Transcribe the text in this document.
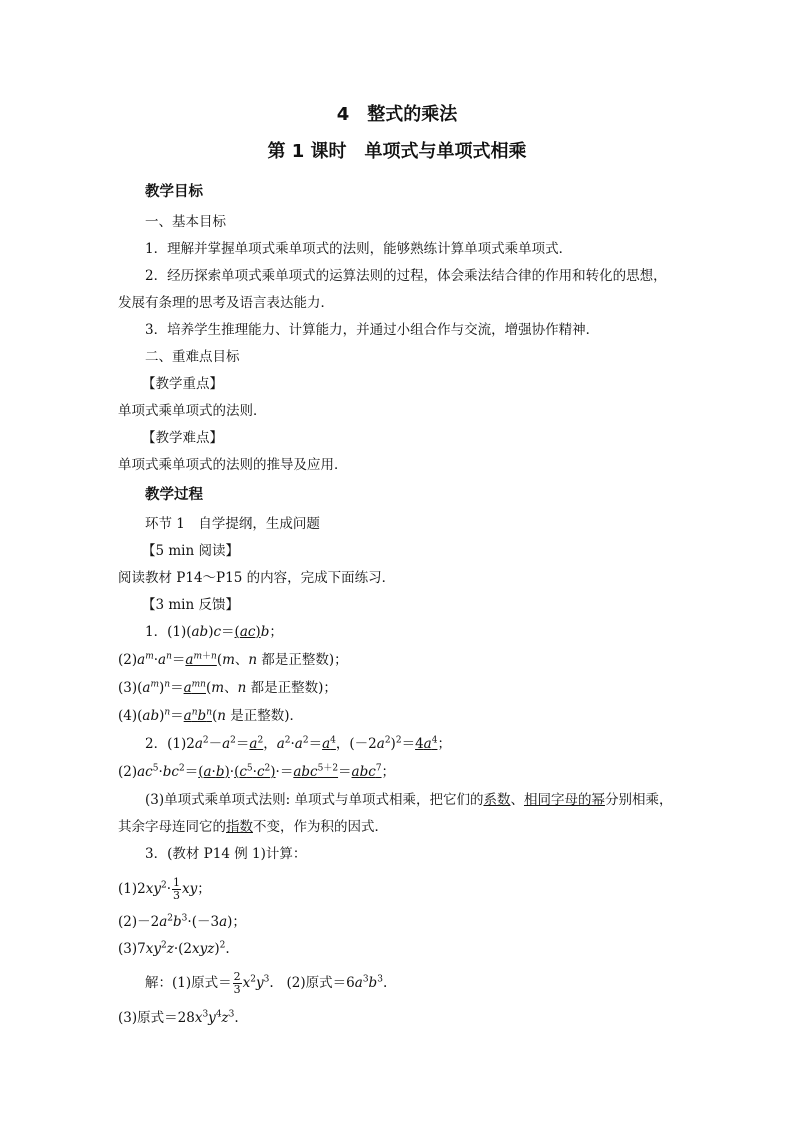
4　整式的乘法
第 1 课时　单项式与单项式相乘
教学目标
一、基本目标
1．理解并掌握单项式乘单项式的法则，能够熟练计算单项式乘单项式．
2．经历探索单项式乘单项式的运算法则的过程，体会乘法结合律的作用和转化的思想，
发展有条理的思考及语言表达能力．
3．培养学生推理能力、计算能力，并通过小组合作与交流，增强协作精神．
二、重难点目标
【教学重点】
单项式乘单项式的法则．
【教学难点】
单项式乘单项式的法则的推导及应用．
教学过程
环节 1　自学提纲，生成问题
【5 min 阅读】
阅读教材 P14～P15 的内容，完成下面练习．
【3 min 反馈】
1．(1)(ab)c＝(ac)b；
$(2)a^m\cdot a^n=a^{m+n}(m$、n 都是正整数)；
$(3)(a^m)^n=a^{mn}(m$、n 都是正整数)；
$(4)(ab)^n=a^nb^n(n$ 是正整数)．
2．$(1)2a^2-a^2=a^2$，$a^2\cdot a^2=a^4$，$(-2a^2)^2=4a^4$；
$(2)ac^5\cdot bc^2=(a\cdot b)\cdot(c^5\cdot c^2)\cdot=abc^{5+2}=abc^7$；
(3)单项式乘单项式法则: 单项式与单项式相乘，把它们的系数、相同字母的幂分别相乘，
其余字母连同它的指数不变，作为积的因式．
3．(教材 P14 例 1)计算：
$(1)2xy^2\cdot \frac{1}{3}$ xy；
$(2)-2a^2b^3\cdot(-3a)$；
$(3)7xy^2z\cdot(2xyz)^2$.
解：(1)原式＝ $\frac{2}{3} x^2y^3$.   (2)原式$=6a^3b^3$.
(3)原式$=28x^3y^4z^3$.
